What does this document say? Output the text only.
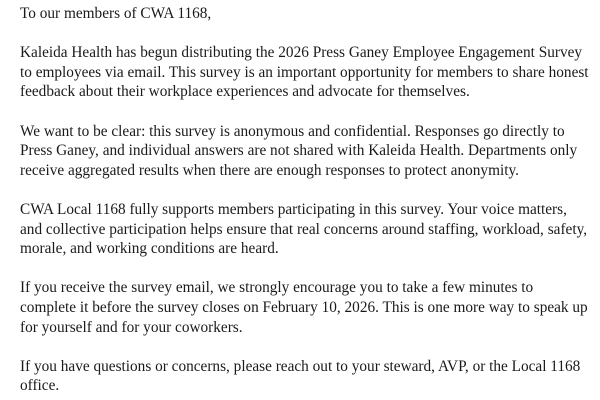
To our members of CWA 1168,

Kaleida Health has begun distributing the 2026 Press Ganey Employee Engagement Survey to employees via email. This survey is an important opportunity for members to share honest feedback about their workplace experiences and advocate for themselves.

We want to be clear: this survey is anonymous and confidential. Responses go directly to Press Ganey, and individual answers are not shared with Kaleida Health. Departments only receive aggregated results when there are enough responses to protect anonymity.

CWA Local 1168 fully supports members participating in this survey. Your voice matters, and collective participation helps ensure that real concerns around staffing, workload, safety, morale, and working conditions are heard.

If you receive the survey email, we strongly encourage you to take a few minutes to complete it before the survey closes on February 10, 2026. This is one more way to speak up for yourself and for your coworkers.

If you have questions or concerns, please reach out to your steward, AVP, or the Local 1168 office.
